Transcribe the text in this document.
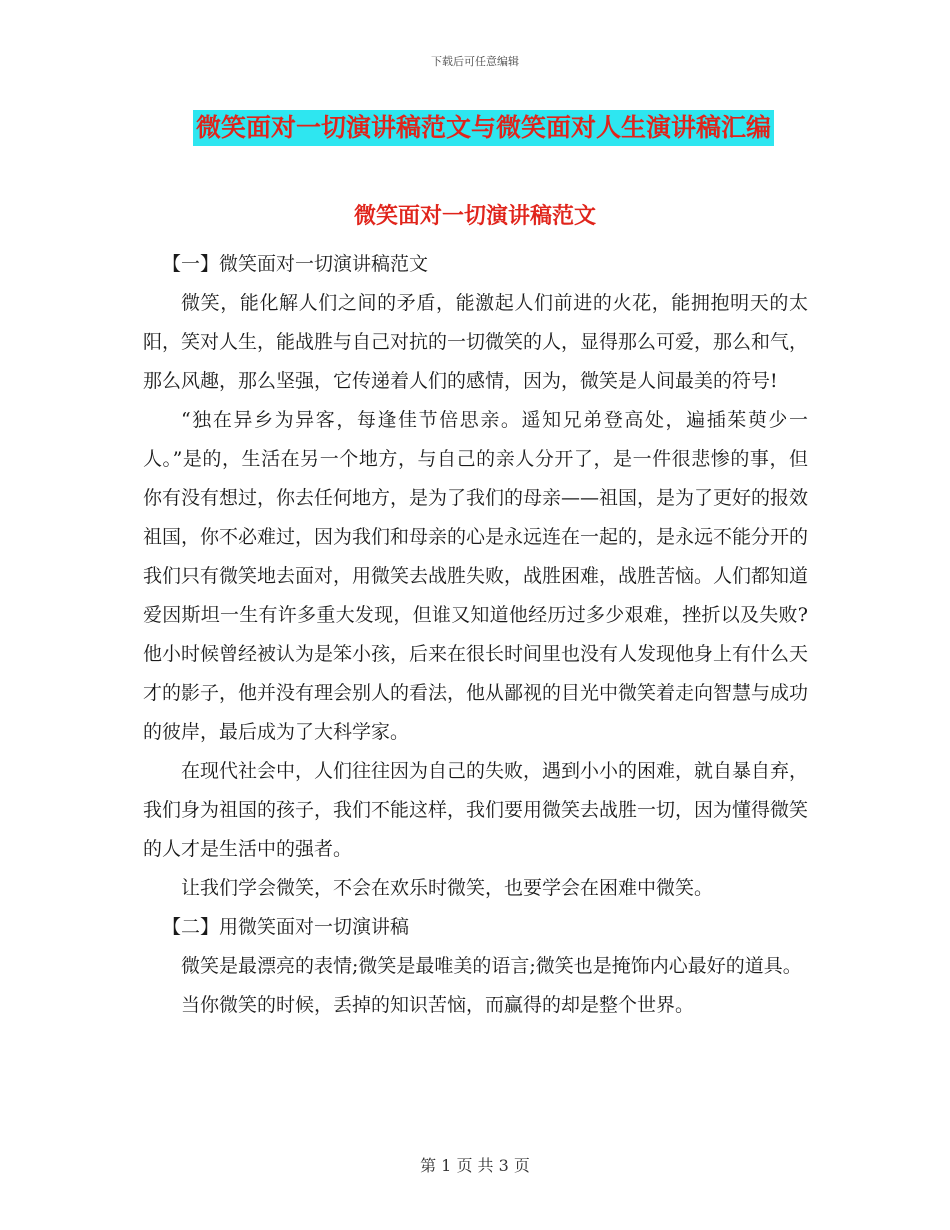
下载后可任意编辑
微笑面对一切演讲稿范文与微笑面对人生演讲稿汇编
微笑面对一切演讲稿范文

【一】微笑面对一切演讲稿范文

微笑，能化解人们之间的矛盾，能激起人们前进的火花，能拥抱明天的太阳，笑对人生，能战胜与自己对抗的一切微笑的人，显得那么可爱，那么和气，那么风趣，那么坚强，它传递着人们的感情，因为，微笑是人间最美的符号!

“独在异乡为异客，每逢佳节倍思亲。遥知兄弟登高处，遍插茱萸少一人。”是的，生活在另一个地方，与自己的亲人分开了，是一件很悲惨的事，但你有没有想过，你去任何地方，是为了我们的母亲——祖国，是为了更好的报效祖国，你不必难过，因为我们和母亲的心是永远连在一起的，是永远不能分开的我们只有微笑地去面对，用微笑去战胜失败，战胜困难，战胜苦恼。人们都知道爱因斯坦一生有许多重大发现，但谁又知道他经历过多少艰难，挫折以及失败?他小时候曾经被认为是笨小孩，后来在很长时间里也没有人发现他身上有什么天才的影子，他并没有理会别人的看法，他从鄙视的目光中微笑着走向智慧与成功的彼岸，最后成为了大科学家。

在现代社会中，人们往往因为自己的失败，遇到小小的困难，就自暴自弃，我们身为祖国的孩子，我们不能这样，我们要用微笑去战胜一切，因为懂得微笑的人才是生活中的强者。

让我们学会微笑，不会在欢乐时微笑，也要学会在困难中微笑。

【二】用微笑面对一切演讲稿

微笑是最漂亮的表情;微笑是最唯美的语言;微笑也是掩饰内心最好的道具。

当你微笑的时候，丢掉的知识苦恼，而赢得的却是整个世界。

第 1 页 共 3 页
